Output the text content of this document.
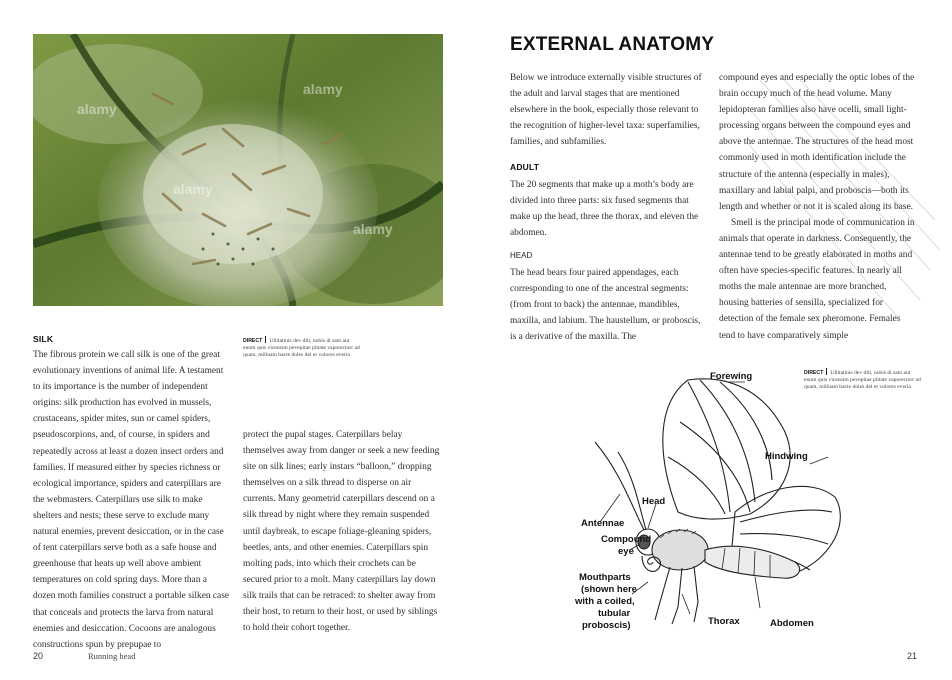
alamy
alamy
alamy
alamy
SILK	DIRECT Ullitatinis dev dlit, nobis di sam aut enum quis vicensim pevepitae plitate vaporectorr ad quam, milluam bacte doles del et volores everia

The fibrous protein we call silk is one of the great evolutionary inventions of animal life. A testament to its importance is the number of independent origins: silk production has evolved in mussels, crustaceans, spider mites, sun or camel spiders, pseudoscorpions, and, of course, in spiders and repeatedly across at least a dozen insect orders and families. If measured either by species richness or ecological importance, spiders and caterpillars are the webmasters. Caterpillars use silk to make shelters and nests; these serve to exclude many natural enemies, prevent desiccation, or in the case of tent caterpillars serve both as a safe house and greenhouse that heats up well above ambient temperatures on cold spring days. More than a dozen moth families construct a portable silken case that conceals and protects the larva from natural enemies and desiccation. Cocoons are analogous constructions spun by prepupae to

protect the pupal stages. Caterpillars belay themselves away from danger or seek a new feeding site on silk lines; early instars “balloon,” dropping themselves on a silk thread to disperse on air currents. Many geometrid caterpillars descend on a silk thread by night where they remain suspended until daybreak, to escape foliage-gleaning spiders, beetles, ants, and other enemies. Caterpillars spin molting pads, into which their crochets can be secured prior to a molt. Many caterpillars lay down silk trails that can be retraced: to shelter away from their host, to return to their host, or used by siblings to hold their cohort together.

20	Running head
EXTERNAL ANATOMY

Below we introduce externally visible structures of the adult and larval stages that are mentioned elsewhere in the book, especially those relevant to the recognition of higher-level taxa: superfamilies, families, and subfamilies.

ADULT

The 20 segments that make up a moth’s body are divided into three parts: six fused segments that make up the head, three the thorax, and eleven the abdomen.

HEAD

The head bears four paired appendages, each corresponding to one of the ancestral segments: (from front to back) the antennae, mandibles, maxilla, and labium. The haustellum, or proboscis, is a derivative of the maxilla. The

compound eyes and especially the optic lobes of the brain occupy much of the head volume. Many lepidopteran families also have ocelli, small light-processing organs between the compound eyes and above the antennae. The structures of the head most commonly used in moth identification include the structure of the antenna (especially in males), maxillary and labial palpi, and proboscis—both its length and whether or not it is scaled along its base.

Smell is the principal mode of communication in animals that operate in darkness. Consequently, the antennae tend to be greatly elaborated in moths and often have species-specific features. In nearly all moths the male antennae are more branched, housing batteries of sensilla, specialized for detection of the female sex pheromone. Females tend to have comparatively simple

DIRECT Ullitatinis dev dlit, nobis di sam aut enum quis vicensim pevepitae plitate vaporectorr ad quam, milluam bacte doles del et volores everia
Forewing
Hindwing
Head
Antennae
Compound
eye
Mouthparts
(shown here
with a coiled,
tubular
proboscis)	Thorax	Abdomen
21
